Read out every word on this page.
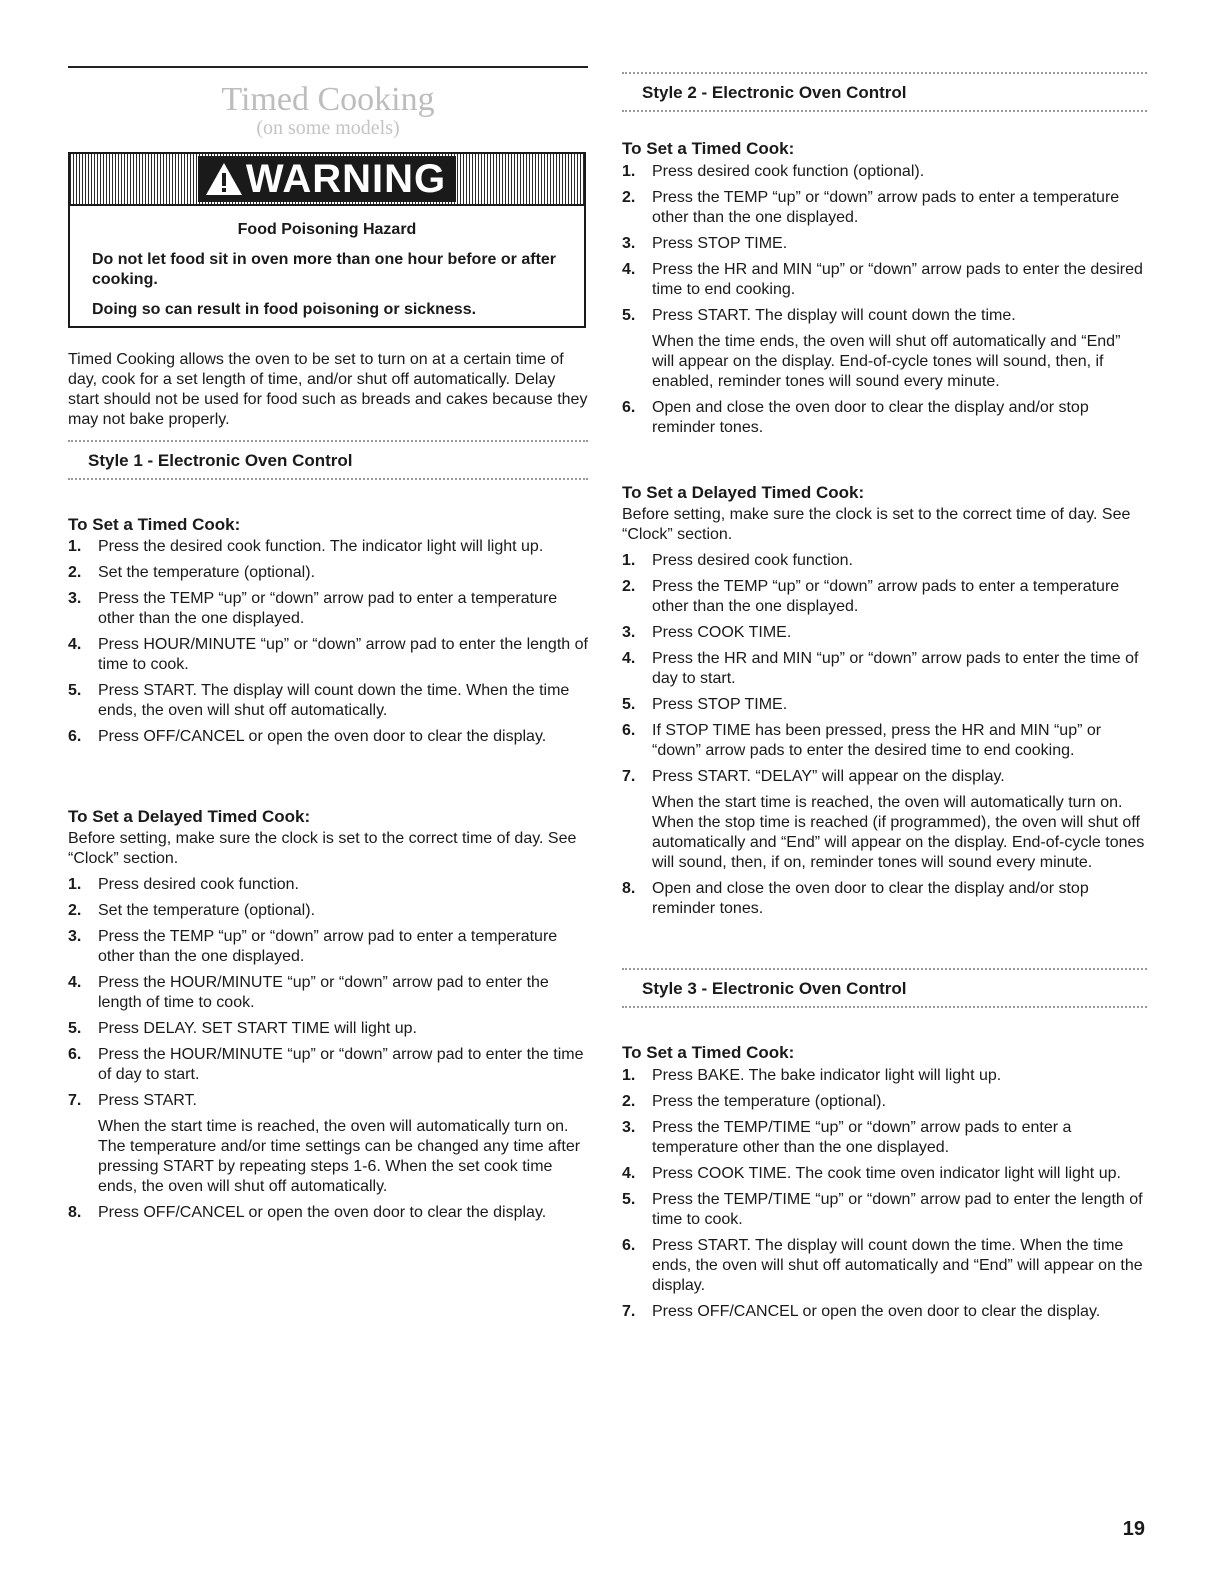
Timed Cooking
(on some models)
WARNING
Food Poisoning Hazard
Do not let food sit in oven more than one hour before or after cooking.
Doing so can result in food poisoning or sickness.

Timed Cooking allows the oven to be set to turn on at a certain time of day, cook for a set length of time, and/or shut off automatically. Delay start should not be used for food such as breads and cakes because they may not bake properly.

Style 1 - Electronic Oven Control
To Set a Timed Cook:
1. Press the desired cook function. The indicator light will light up.
2. Set the temperature (optional).
3. Press the TEMP “up” or “down” arrow pad to enter a temperature other than the one displayed.
4. Press HOUR/MINUTE “up” or “down” arrow pad to enter the length of time to cook.
5. Press START. The display will count down the time. When the time ends, the oven will shut off automatically.
6. Press OFF/CANCEL or open the oven door to clear the display.
To Set a Delayed Timed Cook:

Before setting, make sure the clock is set to the correct time of day. See “Clock” section.

1. Press desired cook function.
2. Set the temperature (optional).
3. Press the TEMP “up” or “down” arrow pad to enter a temperature other than the one displayed.
4. Press the HOUR/MINUTE “up” or “down” arrow pad to enter the length of time to cook.
5. Press DELAY. SET START TIME will light up.
6. Press the HOUR/MINUTE “up” or “down” arrow pad to enter the time of day to start.
7. Press START.
When the start time is reached, the oven will automatically turn on. The temperature and/or time settings can be changed any time after pressing START by repeating steps 1-6. When the set cook time ends, the oven will shut off automatically.
8. Press OFF/CANCEL or open the oven door to clear the display.
Style 2 - Electronic Oven Control
To Set a Timed Cook:
1. Press desired cook function (optional).
2. Press the TEMP “up” or “down” arrow pads to enter a temperature other than the one displayed.
3. Press STOP TIME.
4. Press the HR and MIN “up” or “down” arrow pads to enter the desired time to end cooking.
5. Press START. The display will count down the time.
When the time ends, the oven will shut off automatically and “End” will appear on the display. End-of-cycle tones will sound, then, if enabled, reminder tones will sound every minute.
6. Open and close the oven door to clear the display and/or stop reminder tones.
To Set a Delayed Timed Cook:

Before setting, make sure the clock is set to the correct time of day. See “Clock” section.

1. Press desired cook function.
2. Press the TEMP “up” or “down” arrow pads to enter a temperature other than the one displayed.
3. Press COOK TIME.
4. Press the HR and MIN “up” or “down” arrow pads to enter the time of day to start.
5. Press STOP TIME.
6. If STOP TIME has been pressed, press the HR and MIN “up” or “down” arrow pads to enter the desired time to end cooking.
7. Press START. “DELAY” will appear on the display.
When the start time is reached, the oven will automatically turn on. When the stop time is reached (if programmed), the oven will shut off automatically and “End” will appear on the display. End-of-cycle tones will sound, then, if on, reminder tones will sound every minute.
8. Open and close the oven door to clear the display and/or stop reminder tones.
Style 3 - Electronic Oven Control
To Set a Timed Cook:
1. Press BAKE. The bake indicator light will light up.
2. Press the temperature (optional).
3. Press the TEMP/TIME “up” or “down” arrow pads to enter a temperature other than the one displayed.
4. Press COOK TIME. The cook time oven indicator light will light up.
5. Press the TEMP/TIME “up” or “down” arrow pad to enter the length of time to cook.
6. Press START. The display will count down the time. When the time ends, the oven will shut off automatically and “End” will appear on the display.
7. Press OFF/CANCEL or open the oven door to clear the display.
19
